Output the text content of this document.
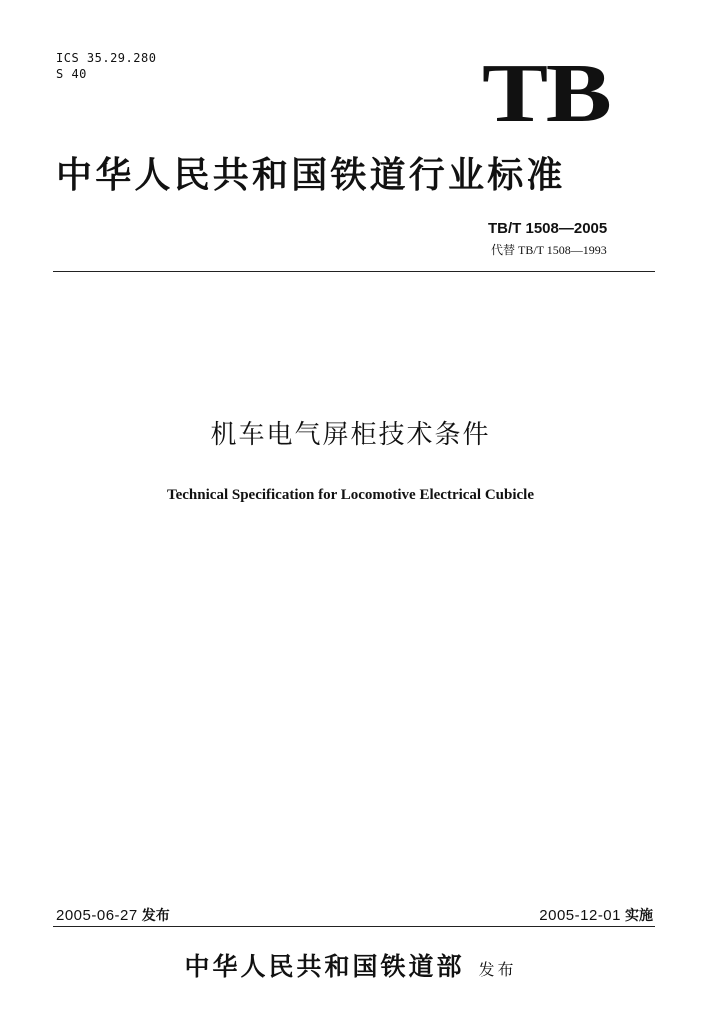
ICS 35.29.280
S 40	TB
中华人民共和国铁道行业标准
TB/T 1508—2005
代替 TB/T 1508—1993
机车电气屏柜技术条件
Technical Specification for Locomotive Electrical Cubicle
2005-06-27 发布	2005-12-01 实施
中华人民共和国铁道部 发布
